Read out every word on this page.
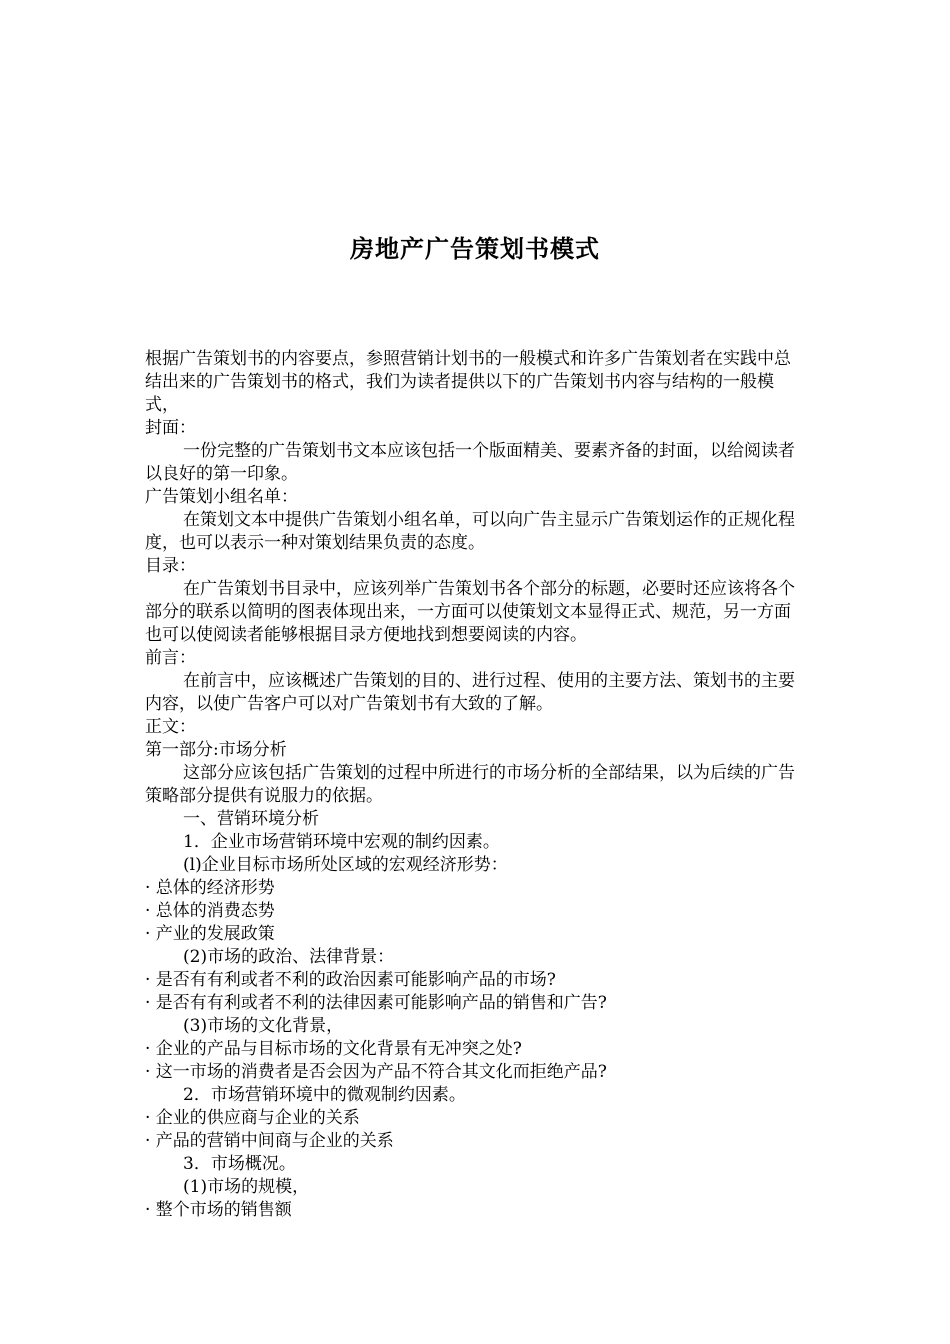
房地产广告策划书模式

根据广告策划书的内容要点，参照营销计划书的一般模式和许多广告策划者在实践中总结出来的广告策划书的格式，我们为读者提供以下的广告策划书内容与结构的一般模式，

封面：

一份完整的广告策划书文本应该包括一个版面精美、要素齐备的封面，以给阅读者以良好的第一印象。

广告策划小组名单：

在策划文本中提供广告策划小组名单，可以向广告主显示广告策划运作的正规化程度，也可以表示一种对策划结果负责的态度。

目录：

在广告策划书目录中，应该列举广告策划书各个部分的标题，必要时还应该将各个部分的联系以简明的图表体现出来，一方面可以使策划文本显得正式、规范，另一方面也可以使阅读者能够根据目录方便地找到想要阅读的内容。

前言：

在前言中，应该概述广告策划的目的、进行过程、使用的主要方法、策划书的主要内容，以使广告客户可以对广告策划书有大致的了解。

正文：

第一部分:市场分析

这部分应该包括广告策划的过程中所进行的市场分析的全部结果，以为后续的广告策略部分提供有说服力的依据。

一、营销环境分析

1．企业市场营销环境中宏观的制约因素。

(l)企业目标市场所处区域的宏观经济形势：

· 总体的经济形势

· 总体的消费态势

· 产业的发展政策

(2)市场的政治、法律背景：

· 是否有有利或者不利的政治因素可能影响产品的市场?

· 是否有有利或者不利的法律因素可能影响产品的销售和广告?

(3)市场的文化背景，

· 企业的产品与目标市场的文化背景有无冲突之处?

· 这一市场的消费者是否会因为产品不符合其文化而拒绝产品?

2．市场营销环境中的微观制约因素。

· 企业的供应商与企业的关系

· 产品的营销中间商与企业的关系

3．市场概况。

(1)市场的规模，

· 整个市场的销售额
